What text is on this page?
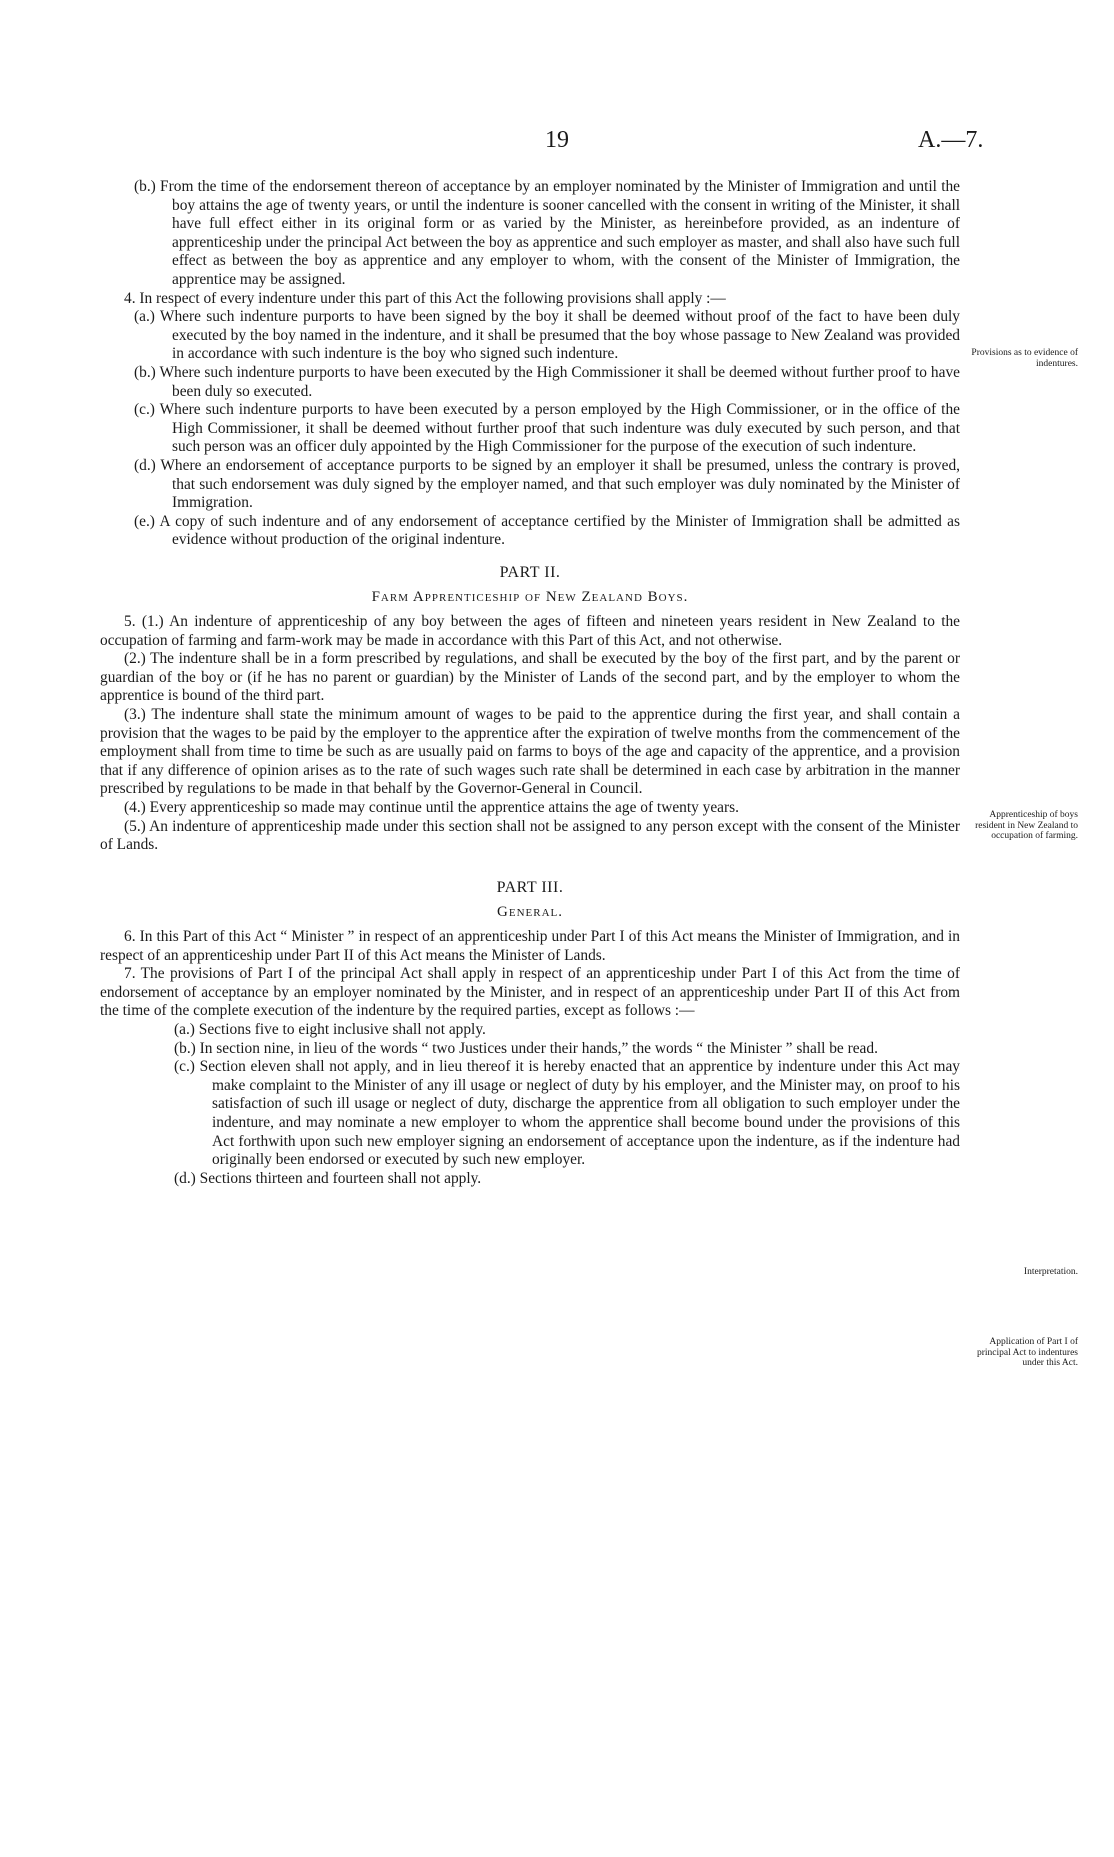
19	A.—7.

(b.) From the time of the endorsement thereon of acceptance by an employer nominated by the Minister of Immigration and until the boy attains the age of twenty years, or until the indenture is sooner cancelled with the consent in writing of the Minister, it shall have full effect either in its original form or as varied by the Minister, as hereinbefore provided, as an indenture of apprenticeship under the principal Act between the boy as apprentice and such employer as master, and shall also have such full effect as between the boy as apprentice and any employer to whom, with the consent of the Minister of Immigration, the apprentice may be assigned.

4. In respect of every indenture under this part of this Act the following provisions shall apply :—

(a.) Where such indenture purports to have been signed by the boy it shall be deemed without proof of the fact to have been duly executed by the boy named in the indenture, and it shall be presumed that the boy whose passage to New Zealand was provided in accordance with such indenture is the boy who signed such indenture.

(b.) Where such indenture purports to have been executed by the High Commissioner it shall be deemed without further proof to have been duly so executed.

(c.) Where such indenture purports to have been executed by a person employed by the High Commissioner, or in the office of the High Commissioner, it shall be deemed without further proof that such indenture was duly executed by such person, and that such person was an officer duly appointed by the High Commissioner for the purpose of the execution of such indenture.

(d.) Where an endorsement of acceptance purports to be signed by an employer it shall be presumed, unless the contrary is proved, that such endorsement was duly signed by the employer named, and that such employer was duly nominated by the Minister of Immigration.

(e.) A copy of such indenture and of any endorsement of acceptance certified by the Minister of Immigration shall be admitted as evidence without production of the original indenture.

PART II.

Farm Apprenticeship of New Zealand Boys.

5. (1.) An indenture of apprenticeship of any boy between the ages of fifteen and nineteen years resident in New Zealand to the occupation of farming and farm-work may be made in accordance with this Part of this Act, and not otherwise.

(2.) The indenture shall be in a form prescribed by regulations, and shall be executed by the boy of the first part, and by the parent or guardian of the boy or (if he has no parent or guardian) by the Minister of Lands of the second part, and by the employer to whom the apprentice is bound of the third part.

(3.) The indenture shall state the minimum amount of wages to be paid to the apprentice during the first year, and shall contain a provision that the wages to be paid by the employer to the apprentice after the expiration of twelve months from the commencement of the employment shall from time to time be such as are usually paid on farms to boys of the age and capacity of the apprentice, and a provision that if any difference of opinion arises as to the rate of such wages such rate shall be determined in each case by arbitration in the manner prescribed by regulations to be made in that behalf by the Governor-General in Council.

(4.) Every apprenticeship so made may continue until the apprentice attains the age of twenty years.

(5.) An indenture of apprenticeship made under this section shall not be assigned to any person except with the consent of the Minister of Lands.

PART III.

General.

6. In this Part of this Act “ Minister ” in respect of an apprenticeship under Part I of this Act means the Minister of Immigration, and in respect of an apprenticeship under Part II of this Act means the Minister of Lands.

7. The provisions of Part I of the principal Act shall apply in respect of an apprenticeship under Part I of this Act from the time of endorsement of acceptance by an employer nominated by the Minister, and in respect of an apprenticeship under Part II of this Act from the time of the complete execution of the indenture by the required parties, except as follows :—

(a.) Sections five to eight inclusive shall not apply.

(b.) In section nine, in lieu of the words “ two Justices under their hands,” the words “ the Minister ” shall be read.

(c.) Section eleven shall not apply, and in lieu thereof it is hereby enacted that an apprentice by indenture under this Act may make complaint to the Minister of any ill usage or neglect of duty by his employer, and the Minister may, on proof to his satisfaction of such ill usage or neglect of duty, discharge the apprentice from all obligation to such employer under the indenture, and may nominate a new employer to whom the apprentice shall become bound under the provisions of this Act forthwith upon such new employer signing an endorsement of acceptance upon the indenture, as if the indenture had originally been endorsed or executed by such new employer.

(d.) Sections thirteen and fourteen shall not apply.

Provisions as to evidence of indentures.
Apprenticeship of boys resident in New Zealand to occupation of farming.
Interpretation.
Application of Part I of principal Act to indentures under this Act.
